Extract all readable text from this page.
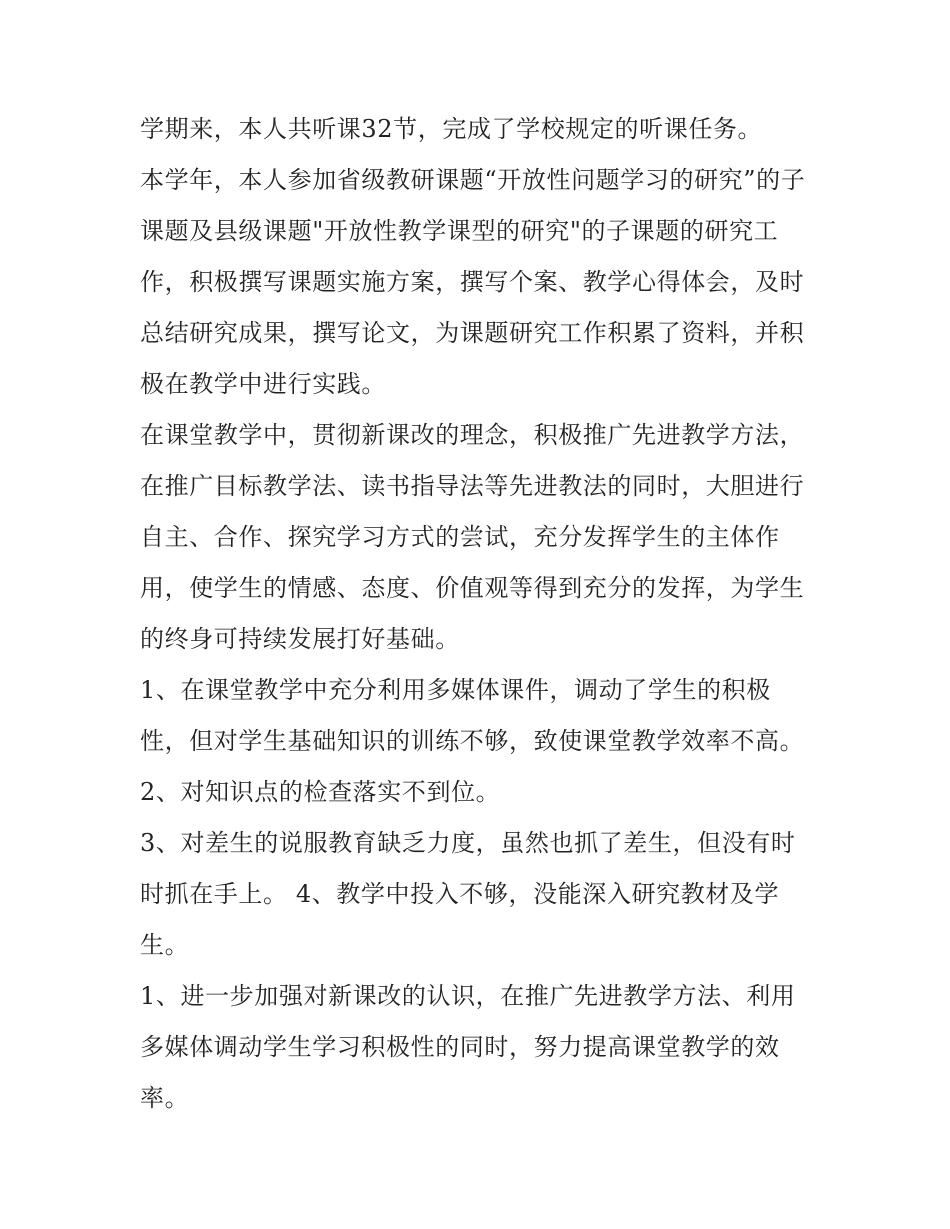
学期来，本人共听课32节，完成了学校规定的听课任务。

本学年，本人参加省级教研课题“开放性问题学习的研究”的子

课题及县级课题"开放性教学课型的研究"的子课题的研究工

作，积极撰写课题实施方案，撰写个案、教学心得体会，及时

总结研究成果，撰写论文，为课题研究工作积累了资料，并积

极在教学中进行实践。

在课堂教学中，贯彻新课改的理念，积极推广先进教学方法，

在推广目标教学法、读书指导法等先进教法的同时，大胆进行

自主、合作、探究学习方式的尝试，充分发挥学生的主体作

用，使学生的情感、态度、价值观等得到充分的发挥，为学生

的终身可持续发展打好基础。

1、在课堂教学中充分利用多媒体课件，调动了学生的积极

性，但对学生基础知识的训练不够，致使课堂教学效率不高。

2、对知识点的检查落实不到位。

3、对差生的说服教育缺乏力度，虽然也抓了差生，但没有时

时抓在手上。 4、教学中投入不够，没能深入研究教材及学

生。

1、进一步加强对新课改的认识，在推广先进教学方法、利用

多媒体调动学生学习积极性的同时，努力提高课堂教学的效

率。
